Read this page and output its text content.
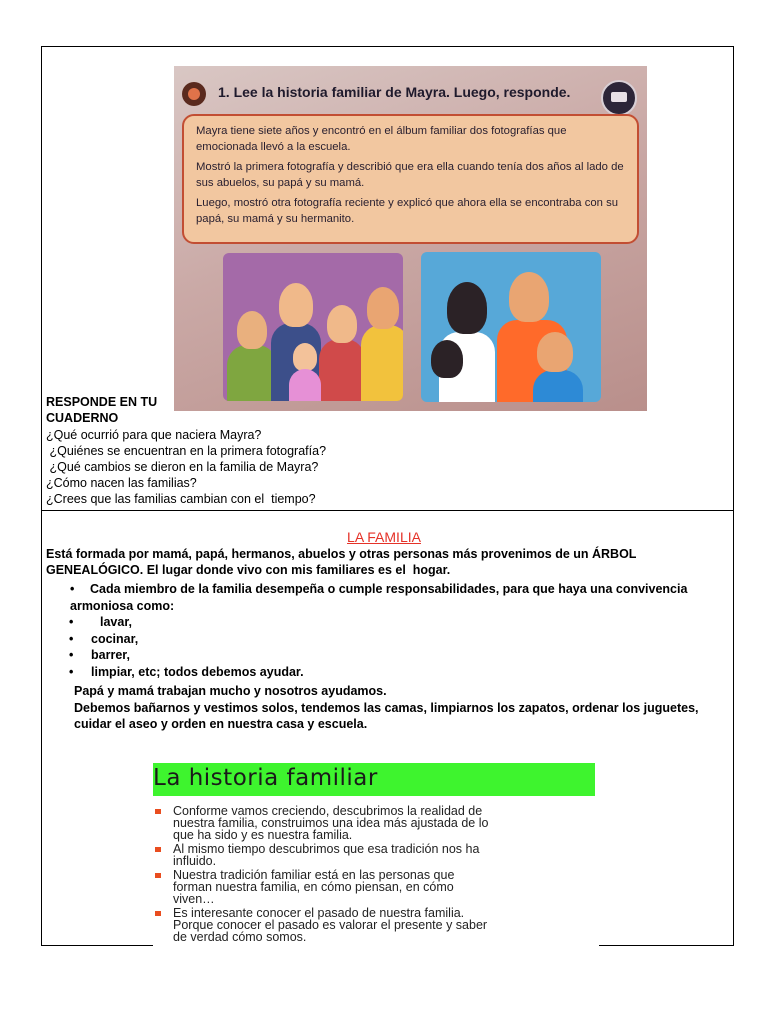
1. Lee la historia familiar de Mayra. Luego, responde.

Mayra tiene siete años y encontró en el álbum familiar dos fotografías que emocionada llevó a la escuela.

Mostró la primera fotografía y describió que era ella cuando tenía dos años al lado de sus abuelos, su papá y su mamá.

Luego, mostró otra fotografía reciente y explicó que ahora ella se encontraba con su papá, su mamá y su hermanito.

RESPONDE EN TU
CUADERNO
¿Qué ocurrió para que naciera Mayra?
¿Quiénes se encuentran en la primera fotografía?
¿Qué cambios se dieron en la familia de Mayra?
¿Cómo nacen las familias?
¿Crees que las familias cambian con el  tiempo?
LA FAMILIA
Está formada por mamá, papá, hermanos, abuelos y otras personas más provenimos de un ÁRBOL
GENEALÓGICO. El lugar donde vivo con mis familiares es el  hogar.
• Cada miembro de la familia desempeña o cumple responsabilidades, para que haya una convivencia
armoniosa como:
• lavar,
• cocinar,
• barrer,
• limpiar, etc; todos debemos ayudar.
Papá y mamá trabajan mucho y nosotros ayudamos.
Debemos bañarnos y vestimos solos, tendemos las camas, limpiarnos los zapatos, ordenar los juguetes,
cuidar el aseo y orden en nuestra casa y escuela.
La historia familiar
Conforme vamos creciendo, descubrimos la realidad de
nuestra familia, construimos una idea más ajustada de lo
que ha sido y es nuestra familia.
Al mismo tiempo descubrimos que esa tradición nos ha
influido.
Nuestra tradición familiar está en las personas que
forman nuestra familia, en cómo piensan, en cómo
viven…
Es interesante conocer el pasado de nuestra familia.
Porque conocer el pasado es valorar el presente y saber
de verdad cómo somos.
